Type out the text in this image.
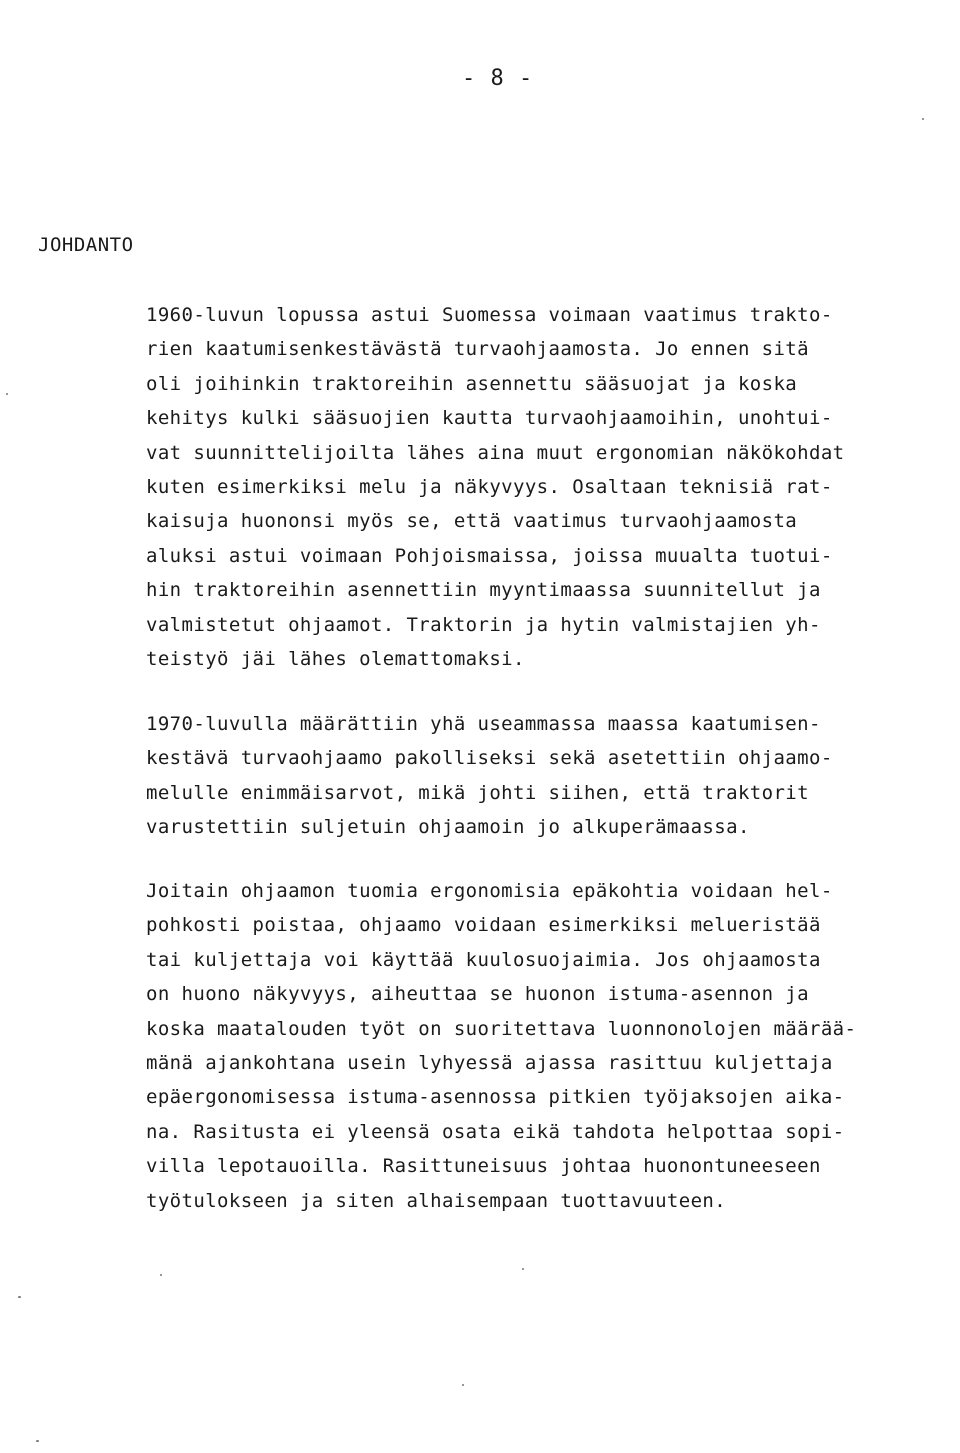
- 8 -
JOHDANTO
1960-luvun lopussa astui Suomessa voimaan vaatimus trakto-
rien kaatumisenkestävästä turvaohjaamosta. Jo ennen sitä
oli joihinkin traktoreihin asennettu sääsuojat ja koska
kehitys kulki sääsuojien kautta turvaohjaamoihin, unohtui-
vat suunnittelijoilta lähes aina muut ergonomian näkökohdat
kuten esimerkiksi melu ja näkyvyys. Osaltaan teknisiä rat-
kaisuja huononsi myös se, että vaatimus turvaohjaamosta
aluksi astui voimaan Pohjoismaissa, joissa muualta tuotui-
hin traktoreihin asennettiin myyntimaassa suunnitellut ja
valmistetut ohjaamot. Traktorin ja hytin valmistajien yh-
teistyö jäi lähes olemattomaksi.
1970-luvulla määrättiin yhä useammassa maassa kaatumisen-
kestävä turvaohjaamo pakolliseksi sekä asetettiin ohjaamo-
melulle enimmäisarvot, mikä johti siihen, että traktorit
varustettiin suljetuin ohjaamoin jo alkuperämaassa.
Joitain ohjaamon tuomia ergonomisia epäkohtia voidaan hel-
pohkosti poistaa, ohjaamo voidaan esimerkiksi melueristää
tai kuljettaja voi käyttää kuulosuojaimia. Jos ohjaamosta
on huono näkyvyys, aiheuttaa se huonon istuma-asennon ja
koska maatalouden työt on suoritettava luonnonolojen määrää-
mänä ajankohtana usein lyhyessä ajassa rasittuu kuljettaja
epäergonomisessa istuma-asennossa pitkien työjaksojen aika-
na. Rasitusta ei yleensä osata eikä tahdota helpottaa sopi-
villa lepotauoilla. Rasittuneisuus johtaa huonontuneeseen
työtulokseen ja siten alhaisempaan tuottavuuteen.
